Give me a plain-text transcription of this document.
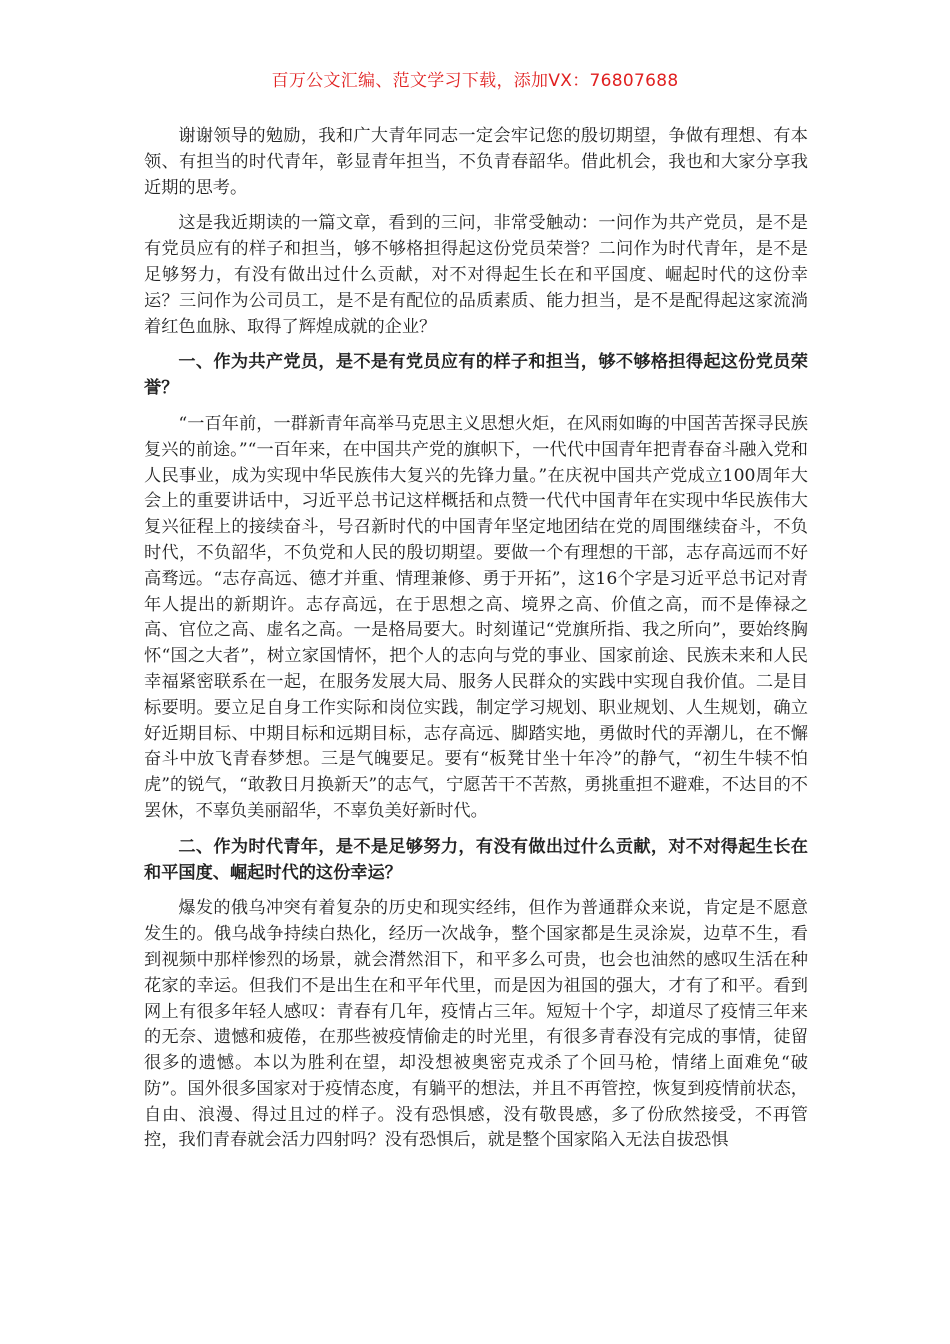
百万公文汇编、范文学习下载，添加VX：76807688

谢谢领导的勉励，我和广大青年同志一定会牢记您的殷切期望，争做有理想、有本领、有担当的时代青年，彰显青年担当，不负青春韶华。借此机会，我也和大家分享我近期的思考。

这是我近期读的一篇文章，看到的三问，非常受触动：一问作为共产党员，是不是有党员应有的样子和担当，够不够格担得起这份党员荣誉？二问作为时代青年，是不是足够努力，有没有做出过什么贡献，对不对得起生长在和平国度、崛起时代的这份幸运？三问作为公司员工，是不是有配位的品质素质、能力担当，是不是配得起这家流淌着红色血脉、取得了辉煌成就的企业？

一、作为共产党员，是不是有党员应有的样子和担当，够不够格担得起这份党员荣誉？

“一百年前，一群新青年高举马克思主义思想火炬，在风雨如晦的中国苦苦探寻民族复兴的前途。”“一百年来，在中国共产党的旗帜下，一代代中国青年把青春奋斗融入党和人民事业，成为实现中华民族伟大复兴的先锋力量。”在庆祝中国共产党成立100周年大会上的重要讲话中，习近平总书记这样概括和点赞一代代中国青年在实现中华民族伟大复兴征程上的接续奋斗，号召新时代的中国青年坚定地团结在党的周围继续奋斗，不负时代，不负韶华，不负党和人民的殷切期望。要做一个有理想的干部，志存高远而不好高骛远。“志存高远、德才并重、情理兼修、勇于开拓”，这16个字是习近平总书记对青年人提出的新期许。志存高远，在于思想之高、境界之高、价值之高，而不是俸禄之高、官位之高、虚名之高。一是格局要大。时刻谨记“党旗所指、我之所向”，要始终胸怀“国之大者”，树立家国情怀，把个人的志向与党的事业、国家前途、民族未来和人民幸福紧密联系在一起，在服务发展大局、服务人民群众的实践中实现自我价值。二是目标要明。要立足自身工作实际和岗位实践，制定学习规划、职业规划、人生规划，确立好近期目标、中期目标和远期目标，志存高远、脚踏实地，勇做时代的弄潮儿，在不懈奋斗中放飞青春梦想。三是气魄要足。要有“板凳甘坐十年冷”的静气，“初生牛犊不怕虎”的锐气，“敢教日月换新天”的志气，宁愿苦干不苦熬，勇挑重担不避难，不达目的不罢休，不辜负美丽韶华，不辜负美好新时代。

二、作为时代青年，是不是足够努力，有没有做出过什么贡献，对不对得起生长在和平国度、崛起时代的这份幸运？

爆发的俄乌冲突有着复杂的历史和现实经纬，但作为普通群众来说，肯定是不愿意发生的。俄乌战争持续白热化，经历一次战争，整个国家都是生灵涂炭，边草不生，看到视频中那样惨烈的场景，就会潸然泪下，和平多么可贵，也会也油然的感叹生活在种花家的幸运。但我们不是出生在和平年代里，而是因为祖国的强大，才有了和平。看到网上有很多年轻人感叹：青春有几年，疫情占三年。短短十个字，却道尽了疫情三年来的无奈、遗憾和疲倦，在那些被疫情偷走的时光里，有很多青春没有完成的事情，徒留很多的遗憾。本以为胜利在望，却没想被奥密克戎杀了个回马枪，情绪上面难免“破防”。国外很多国家对于疫情态度，有躺平的想法，并且不再管控，恢复到疫情前状态，自由、浪漫、得过且过的样子。没有恐惧感，没有敬畏感，多了份欣然接受，不再管控，我们青春就会活力四射吗？没有恐惧后，就是整个国家陷入无法自拔恐惧
